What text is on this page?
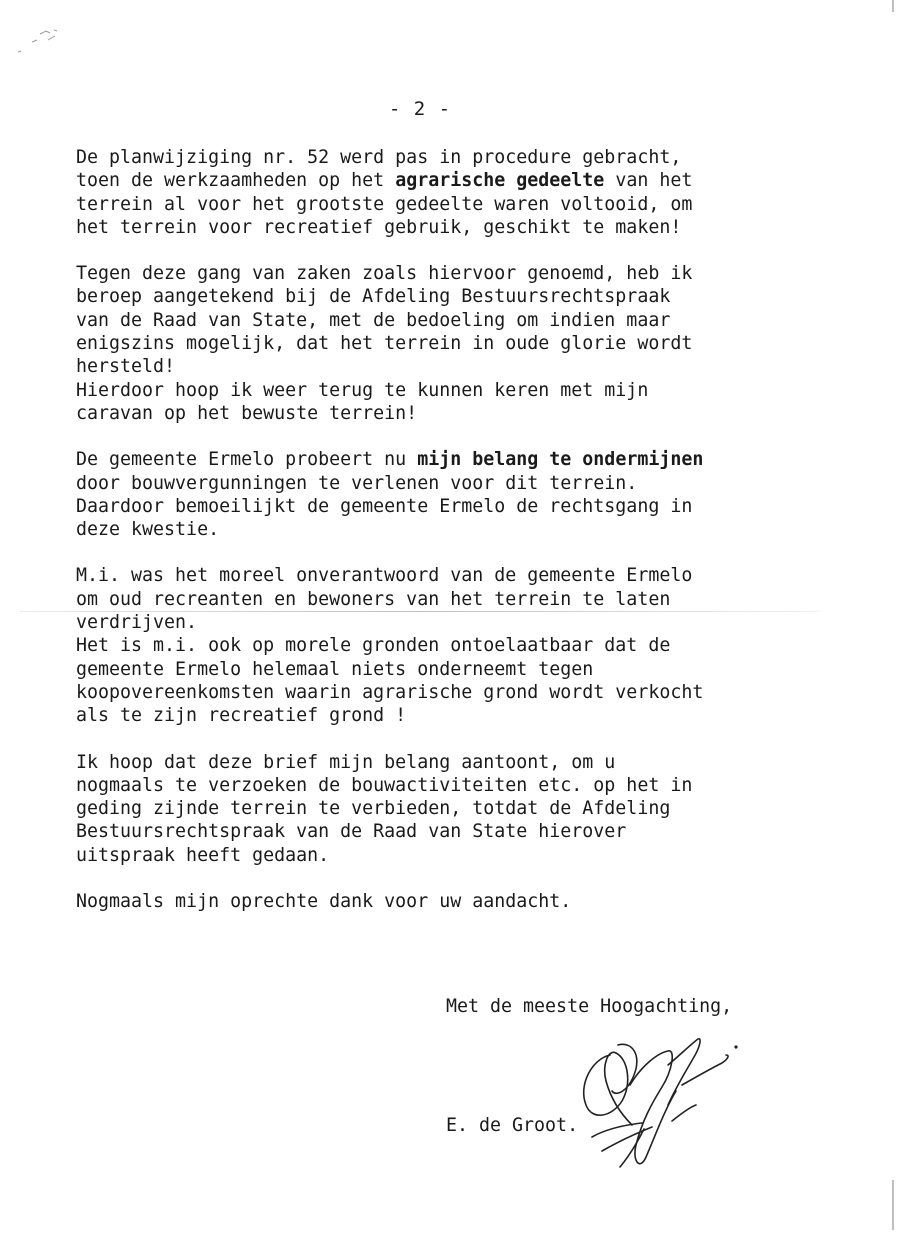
- 2 -
De planwijziging nr. 52 werd pas in procedure gebracht,
toen de werkzaamheden op het agrarische gedeelte van het
terrein al voor het grootste gedeelte waren voltooid, om
het terrein voor recreatief gebruik, geschikt te maken!
Tegen deze gang van zaken zoals hiervoor genoemd, heb ik
beroep aangetekend bij de Afdeling Bestuursrechtspraak
van de Raad van State, met de bedoeling om indien maar
enigszins mogelijk, dat het terrein in oude glorie wordt
hersteld!
Hierdoor hoop ik weer terug te kunnen keren met mijn
caravan op het bewuste terrein!
De gemeente Ermelo probeert nu mijn belang te ondermijnen
door bouwvergunningen te verlenen voor dit terrein.
Daardoor bemoeilijkt de gemeente Ermelo de rechtsgang in
deze kwestie.
M.i. was het moreel onverantwoord van de gemeente Ermelo
om oud recreanten en bewoners van het terrein te laten
verdrijven.
Het is m.i. ook op morele gronden ontoelaatbaar dat de
gemeente Ermelo helemaal niets onderneemt tegen
koopovereenkomsten waarin agrarische grond wordt verkocht
als te zijn recreatief grond !
Ik hoop dat deze brief mijn belang aantoont, om u
nogmaals te verzoeken de bouwactiviteiten etc. op het in
geding zijnde terrein te verbieden, totdat de Afdeling
Bestuursrechtspraak van de Raad van State hierover
uitspraak heeft gedaan.
Nogmaals mijn oprechte dank voor uw aandacht.
Met de meeste Hoogachting,
E. de Groot.
